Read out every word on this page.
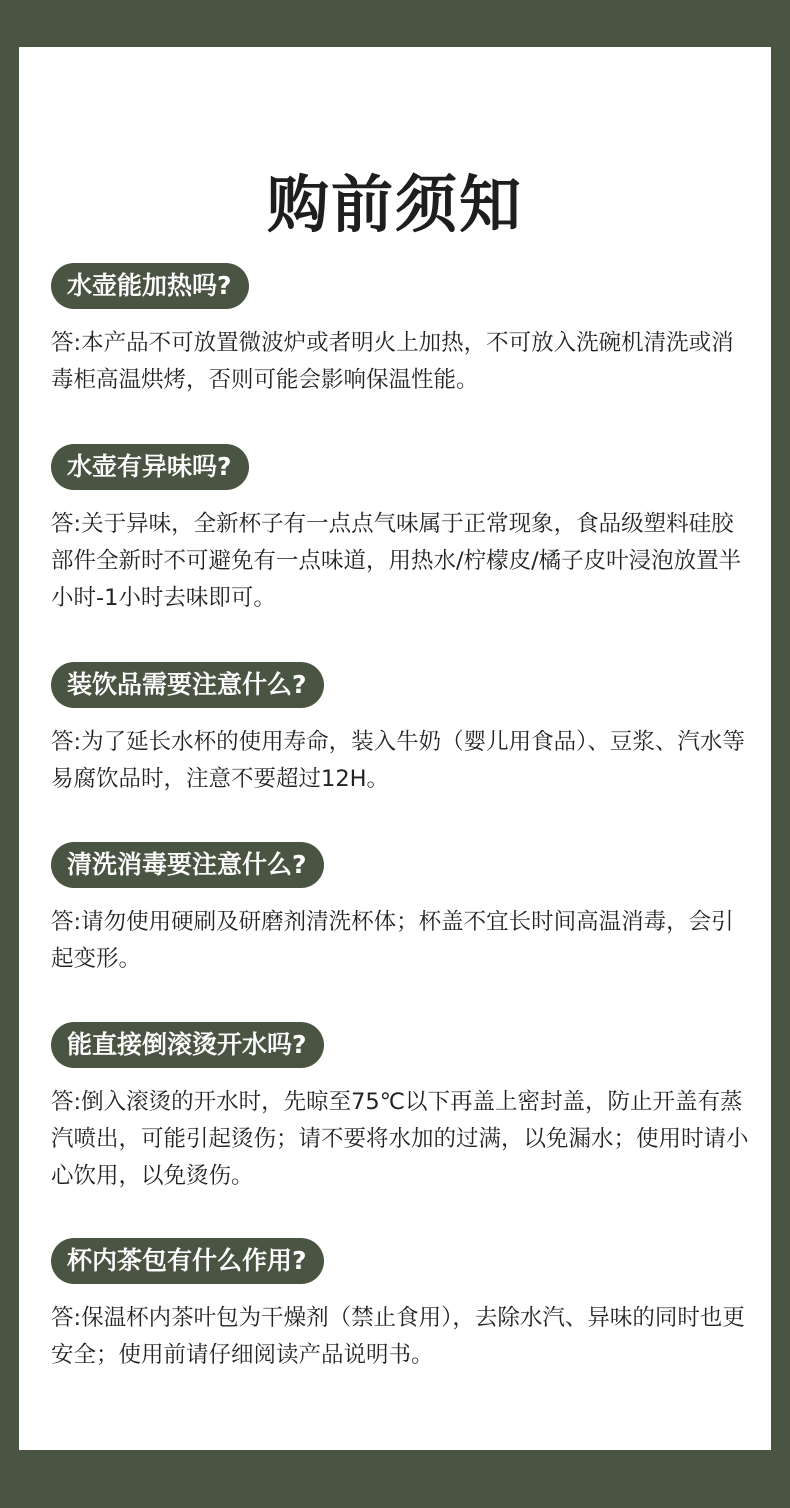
购前须知
水壶能加热吗?
答:本产品不可放置微波炉或者明火上加热，不可放入洗碗机清洗或消毒柜高温烘烤，否则可能会影响保温性能。
水壶有异味吗?
答:关于异味，全新杯子有一点点气味属于正常现象，食品级塑料硅胶部件全新时不可避免有一点味道，用热水/柠檬皮/橘子皮叶浸泡放置半小时-1小时去味即可。
装饮品需要注意什么?
答:为了延长水杯的使用寿命，装入牛奶（婴儿用食品）、豆浆、汽水等易腐饮品时，注意不要超过12H。
清洗消毒要注意什么?
答:请勿使用硬刷及研磨剂清洗杯体；杯盖不宜长时间高温消毒，会引起变形。
能直接倒滚烫开水吗?
答:倒入滚烫的开水时，先晾至75℃以下再盖上密封盖，防止开盖有蒸汽喷出，可能引起烫伤；请不要将水加的过满，以免漏水；使用时请小心饮用，以免烫伤。
杯内茶包有什么作用?
答:保温杯内茶叶包为干燥剂（禁止食用），去除水汽、异味的同时也更安全；使用前请仔细阅读产品说明书。
